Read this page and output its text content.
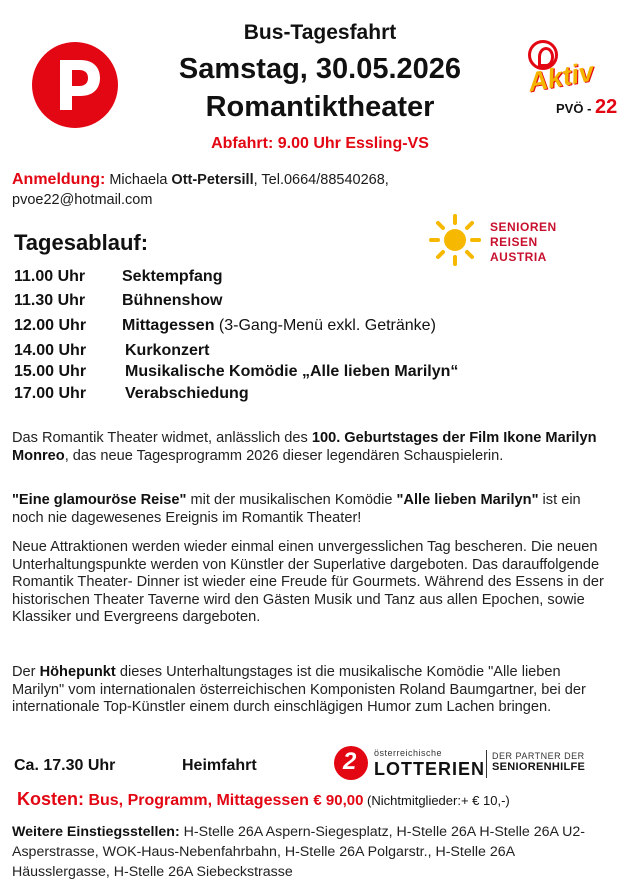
Bus-Tagesfahrt
Samstag, 30.05.2026
Romantiktheater
Abfahrt: 9.00 Uhr Essling-VS
Aktiv
PVÖ - 22
Anmeldung: Michaela Ott-Petersill, Tel.0664/88540268,
pvoe22@hotmail.com
SENIOREN
REISEN
AUSTRIA
Tagesablauf:
11.00 Uhr Sektempfang
11.30 Uhr Bühnenshow
12.00 Uhr Mittagessen (3-Gang-Menü exkl. Getränke)
14.00 Uhr Kurkonzert
15.00 Uhr Musikalische Komödie „Alle lieben Marilyn“
17.00 Uhr Verabschiedung
Das Romantik Theater widmet, anlässlich des 100. Geburtstages der Film Ikone Marilyn Monreo, das neue Tagesprogramm 2026 dieser legendären Schauspielerin.
"Eine glamouröse Reise" mit der musikalischen Komödie "Alle lieben Marilyn" ist ein noch nie dagewesenes Ereignis im Romantik Theater!
Neue Attraktionen werden wieder einmal einen unvergesslichen Tag bescheren. Die neuen Unterhaltungspunkte werden von Künstler der Superlative dargeboten. Das darauffolgende Romantik Theater- Dinner ist wieder eine Freude für Gourmets. Während des Essens in der historischen Theater Taverne wird den Gästen Musik und Tanz aus allen Epochen, sowie Klassiker und Evergreens dargeboten.
Der Höhepunkt dieses Unterhaltungstages ist die musikalische Komödie "Alle lieben Marilyn" vom internationalen österreichischen Komponisten Roland Baumgartner, bei der internationale Top-Künstler einem durch einschlägigen Humor zum Lachen bringen.
Ca. 17.30 Uhr	Heimfahrt	2 österreichische
LOTTERIEN
DER PARTNER DER
SENIORENHILFE
Kosten: Bus, Programm, Mittagessen € 90,00 (Nichtmitglieder:+ € 10,-)
Weitere Einstiegsstellen: H-Stelle 26A Aspern-Siegesplatz, H-Stelle 26A H-Stelle 26A U2-Asperstrasse, WOK-Haus-Nebenfahrbahn, H-Stelle 26A Polgarstr., H-Stelle 26A Häusslergasse, H-Stelle 26A Siebeckstrasse
